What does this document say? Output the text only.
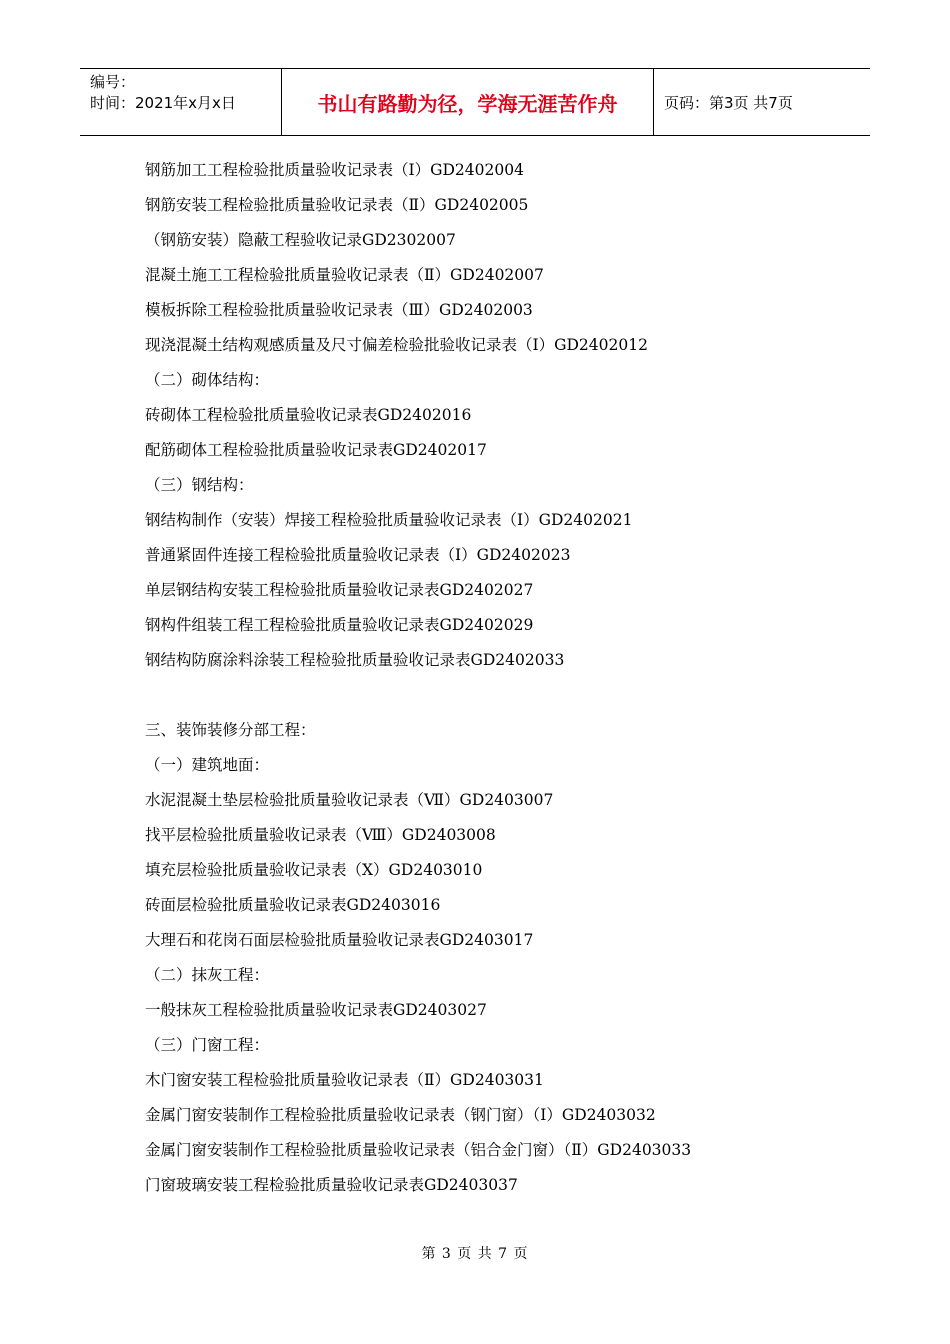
编号：
时间：2021年x月x日	书山有路勤为径，学海无涯苦作舟	页码：第3页 共7页
钢筋加工工程检验批质量验收记录表（Ⅰ）GD2402004
钢筋安装工程检验批质量验收记录表（Ⅱ）GD2402005
（钢筋安装）隐蔽工程验收记录GD2302007
混凝土施工工程检验批质量验收记录表（Ⅱ）GD2402007
模板拆除工程检验批质量验收记录表（Ⅲ）GD2402003
现浇混凝土结构观感质量及尺寸偏差检验批验收记录表（Ⅰ）GD2402012
（二）砌体结构：
砖砌体工程检验批质量验收记录表GD2402016
配筋砌体工程检验批质量验收记录表GD2402017
（三）钢结构：
钢结构制作（安装）焊接工程检验批质量验收记录表（Ⅰ）GD2402021
普通紧固件连接工程检验批质量验收记录表（Ⅰ）GD2402023
单层钢结构安装工程检验批质量验收记录表GD2402027
钢构件组装工程工程检验批质量验收记录表GD2402029
钢结构防腐涂料涂装工程检验批质量验收记录表GD2402033
三、装饰装修分部工程：
（一）建筑地面：
水泥混凝土垫层检验批质量验收记录表（Ⅶ）GD2403007
找平层检验批质量验收记录表（Ⅷ）GD2403008
填充层检验批质量验收记录表（Ⅹ）GD2403010
砖面层检验批质量验收记录表GD2403016
大理石和花岗石面层检验批质量验收记录表GD2403017
（二）抹灰工程：
一般抹灰工程检验批质量验收记录表GD2403027
（三）门窗工程：
木门窗安装工程检验批质量验收记录表（Ⅱ）GD2403031
金属门窗安装制作工程检验批质量验收记录表（钢门窗）（Ⅰ）GD2403032
金属门窗安装制作工程检验批质量验收记录表（铝合金门窗）（Ⅱ）GD2403033
门窗玻璃安装工程检验批质量验收记录表GD2403037
第 3 页 共 7 页
